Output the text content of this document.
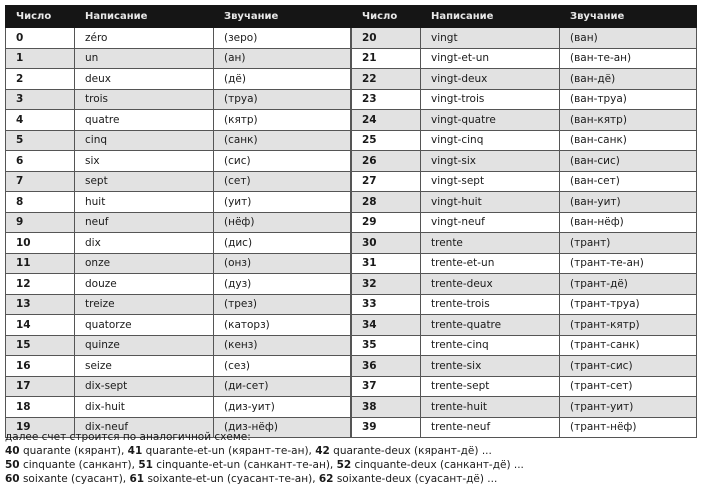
Число	Написание	Звучание
0	zéro	(зеро)
1	un	(ан)
2	deux	(дё)
3	trois	(труа)
4	quatre	(кятр)
5	cinq	(санк)
6	six	(сис)
7	sept	(сет)
8	huit	(уит)
9	neuf	(нёф)
10	dix	(дис)
11	onze	(онз)
12	douze	(дуз)
13	treize	(трез)
14	quatorze	(каторз)
15	quinze	(кенз)
16	seize	(сез)
17	dix-sept	(ди-сет)
18	dix-huit	(диз-уит)
19	dix-neuf	(диз-нёф)
Число	Написание	Звучание
20	vingt	(ван)
21	vingt-et-un	(ван-те-ан)
22	vingt-deux	(ван-дё)
23	vingt-trois	(ван-труа)
24	vingt-quatre	(ван-кятр)
25	vingt-cinq	(ван-санк)
26	vingt-six	(ван-сис)
27	vingt-sept	(ван-сет)
28	vingt-huit	(ван-уит)
29	vingt-neuf	(ван-нёф)
30	trente	(трант)
31	trente-et-un	(трант-те-ан)
32	trente-deux	(трант-дё)
33	trente-trois	(трант-труа)
34	trente-quatre	(трант-кятр)
35	trente-cinq	(трант-санк)
36	trente-six	(трант-сис)
37	trente-sept	(трант-сет)
38	trente-huit	(трант-уит)
39	trente-neuf	(трант-нёф)
далее счет строится по аналогичной схеме:
40 quarante (кярант), 41 quarante-et-un (кярант-те-ан), 42 quarante-deux (кярант-дё) ...
50 cinquante (санкант), 51 cinquante-et-un (санкант-те-ан), 52 cinquante-deux (санкант-дё) ...
60 soixante (суасант), 61 soixante-et-un (суасант-те-ан), 62 soixante-deux (суасант-дё) ...
